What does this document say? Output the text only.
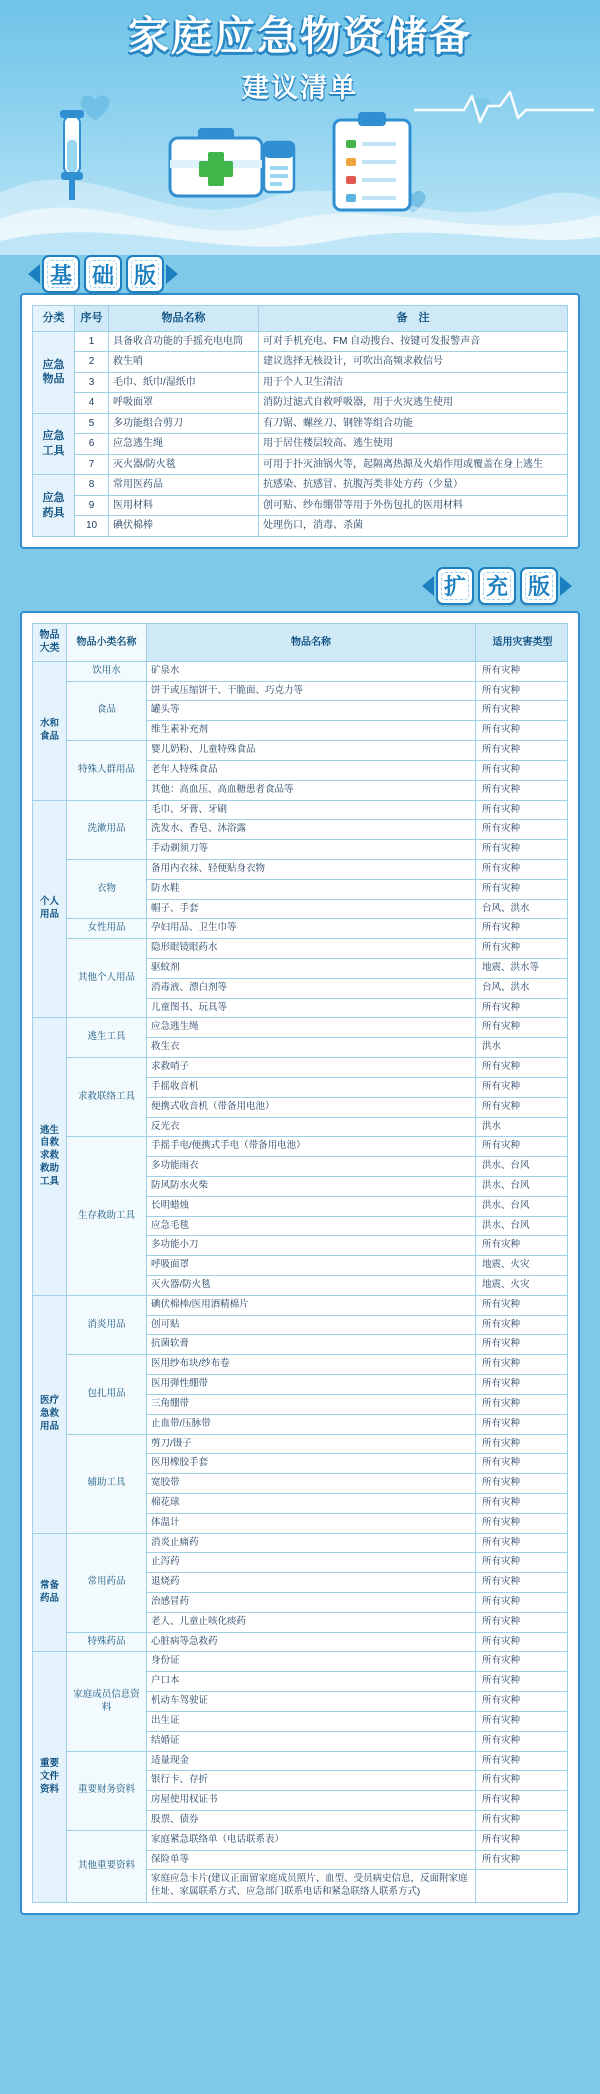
家庭应急物资储备
建议清单
基 础 版
分类	序号	物品名称	备　注
应急
物品	1	具备收音功能的手摇充电电筒	可对手机充电、FM 自动搜台、按键可发报警声音
	2	救生哨	建议选择无核设计，可吹出高频求救信号
	3	毛巾、纸巾/湿纸巾	用于个人卫生清洁
	4	呼吸面罩	消防过滤式自救呼吸器，用于火灾逃生使用
应急
工具	5	多功能组合剪刀	有刀锯、螺丝刀、钢锉等组合功能
	6	应急逃生绳	用于居住楼层较高、逃生使用
	7	灭火器/防火毯	可用于扑灭油锅火等，起隔离热源及火焰作用或覆盖在身上逃生
应急
药具	8	常用医药品	抗感染、抗感冒、抗腹泻类非处方药（少量）
	9	医用材料	创可贴、纱布绷带等用于外伤包扎的医用材料
	10	碘伏棉棒	处理伤口，消毒、杀菌
扩 充 版
物品 大类	物品小类名称	物品名称	适用灾害类型
水和
食品	饮用水	矿泉水	所有灾种
	食品	饼干或压缩饼干、干脆面、巧克力等	所有灾种
		罐头等	所有灾种
		维生素补充剂	所有灾种
	特殊人群用品	婴儿奶粉、儿童特殊食品	所有灾种
		老年人特殊食品	所有灾种
		其他：高血压、高血糖患者食品等	所有灾种
个人
用品	洗漱用品	毛巾、牙膏、牙刷	所有灾种
		洗发水、香皂、沐浴露	所有灾种
		手动剃须刀等	所有灾种
	衣物	备用内衣袜、轻便贴身衣物	所有灾种
		防水鞋	所有灾种
		帽子、手套	台风、洪水
	女性用品	孕妇用品、卫生巾等	所有灾种
	其他个人用品	隐形眼镜眼药水	所有灾种
		驱蚊剂	地震、洪水等
		消毒液、漂白剂等	台风、洪水
		儿童图书、玩具等	所有灾种
逃生
自救
求救
救助
工具	逃生工具	应急逃生绳	所有灾种
		救生衣	洪水
	求救联络工具	求救哨子	所有灾种
		手摇收音机	所有灾种
		便携式收音机（带备用电池）	所有灾种
		反光衣	洪水
	生存救助工具	手摇手电/便携式手电（带备用电池）	所有灾种
		多功能雨衣	洪水、台风
		防风防水火柴	洪水、台风
		长明蜡烛	洪水、台风
		应急毛毯	洪水、台风
		多功能小刀	所有灾种
		呼吸面罩	地震、火灾
		灭火器/防火毯	地震、火灾
医疗
急救
用品	消炎用品	碘伏棉棒/医用酒精棉片	所有灾种
		创可贴	所有灾种
		抗菌软膏	所有灾种
	包扎用品	医用纱布块/纱布卷	所有灾种
		医用弹性绷带	所有灾种
		三角绷带	所有灾种
		止血带/压脉带	所有灾种
	辅助工具	剪刀/镊子	所有灾种
		医用橡胶手套	所有灾种
		宽胶带	所有灾种
		棉花球	所有灾种
		体温计	所有灾种
常备
药品	常用药品	消炎止痛药	所有灾种
		止泻药	所有灾种
		退烧药	所有灾种
		治感冒药	所有灾种
		老人、儿童止咳化痰药	所有灾种
	特殊药品	心脏病等急救药	所有灾种
重要
文件
资料	家庭成员信息资料	身份证	所有灾种
		户口本	所有灾种
		机动车驾驶证	所有灾种
		出生证	所有灾种
		结婚证	所有灾种
	重要财务资料	适量现金	所有灾种
		银行卡、存折	所有灾种
		房屋使用权证书	所有灾种
		股票、债券	所有灾种
	其他重要资料	家庭紧急联络单（电话联系表）	所有灾种
		保险单等	所有灾种
		家庭应急卡片(建议正面留家庭成员照片、血型、受员病史信息，反面附家庭住址、家属联系方式、应急部门联系电话和紧急联络人联系方式)	
